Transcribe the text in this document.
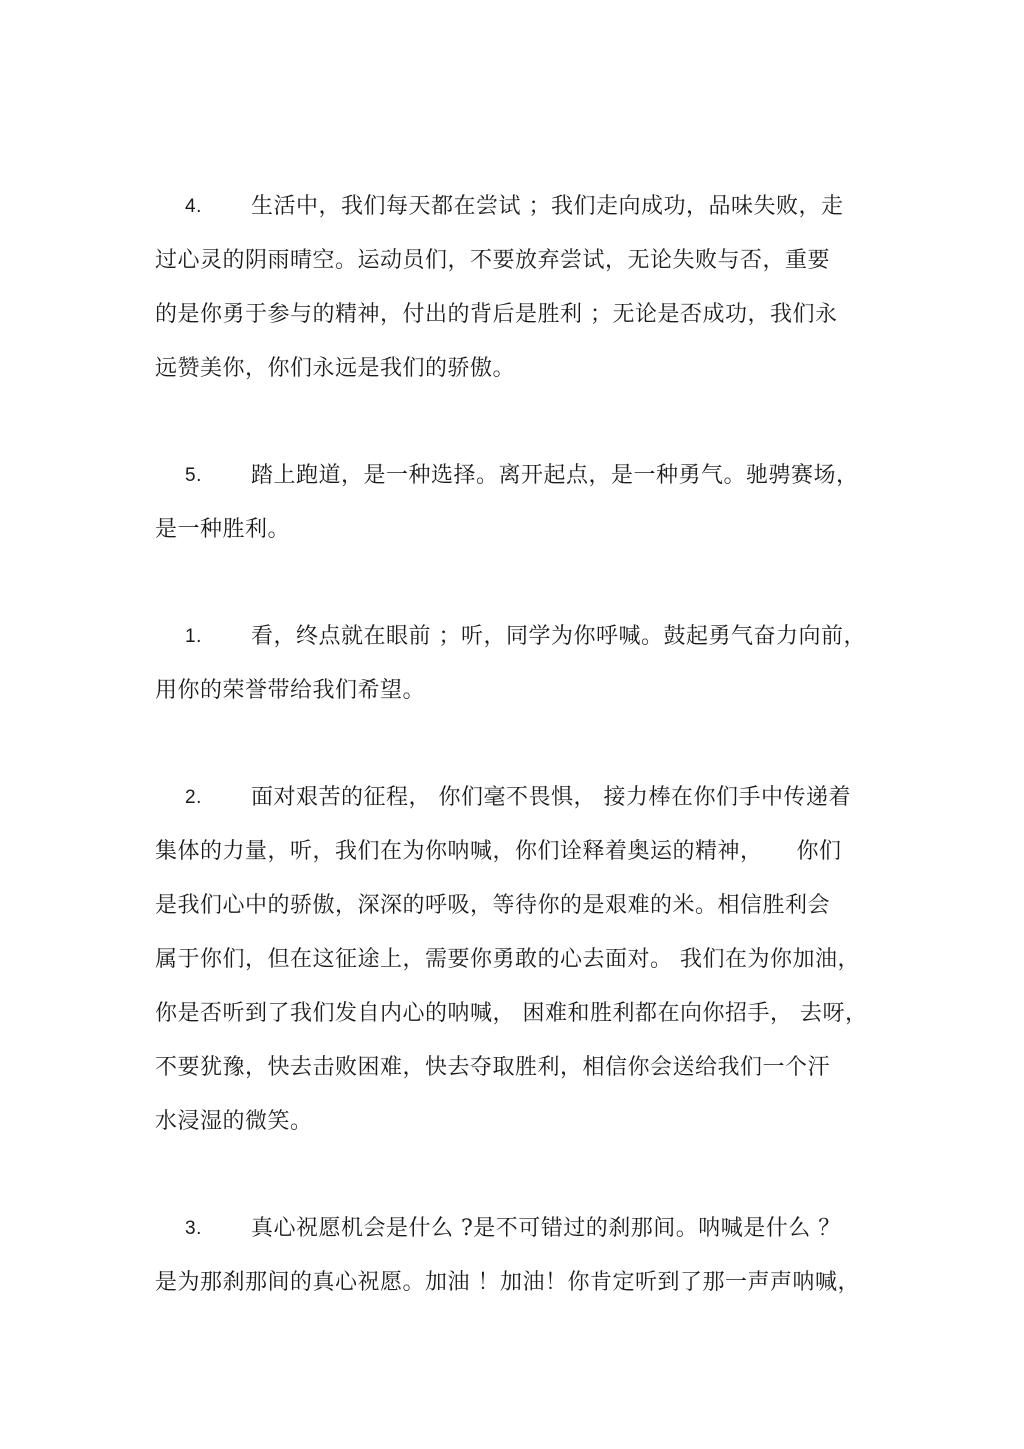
4. 生活中，我们每天都在尝试 ；我们走向成功，品味失败，走
过心灵的阴雨晴空。运动员们，不要放弃尝试，无论失败与否，重要
的是你勇于参与的精神，付出的背后是胜利 ；无论是否成功，我们永
远赞美你，你们永远是我们的骄傲。
5. 踏上跑道，是一种选择。离开起点，是一种勇气。驰骋赛场，
是一种胜利。
1. 看，终点就在眼前 ；听，同学为你呼喊。鼓起勇气奋力向前，
用你的荣誉带给我们希望。
2. 面对艰苦的征程， 你们毫不畏惧， 接力棒在你们手中传递着
集体的力量，听，我们在为你呐喊，你们诠释着奥运的精神，　　你们
是我们心中的骄傲，深深的呼吸，等待你的是艰难的米。相信胜利会
属于你们，但在这征途上，需要你勇敢的心去面对。 我们在为你加油，
你是否听到了我们发自内心的呐喊， 困难和胜利都在向你招手， 去呀，
不要犹豫，快去击败困难，快去夺取胜利，相信你会送给我们一个汗
水浸湿的微笑。
3. 真心祝愿机会是什么 ?是不可错过的刹那间。呐喊是什么 ？
是为那刹那间的真心祝愿。加油 ！加油！你肯定听到了那一声声呐喊，
